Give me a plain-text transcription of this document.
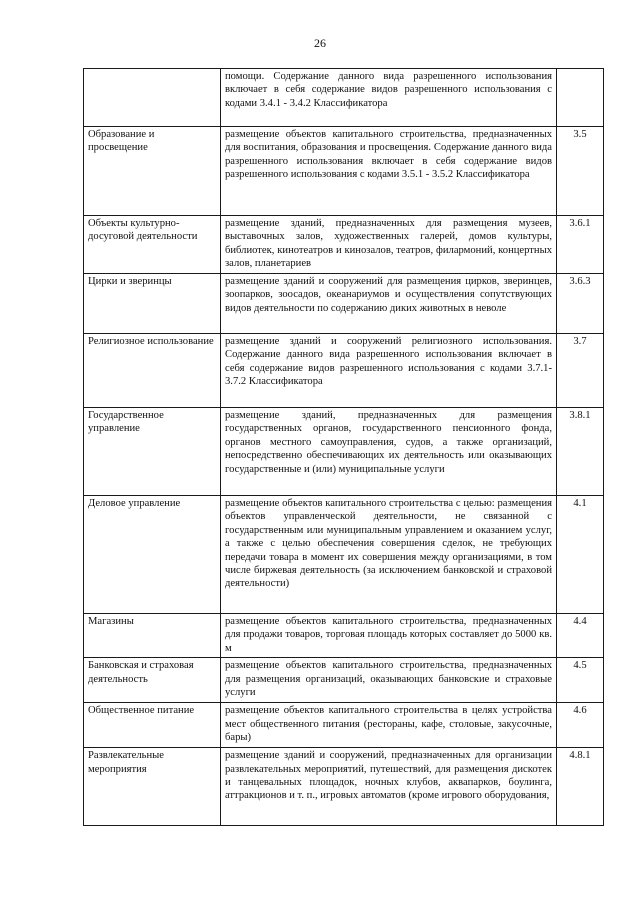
26
	помощи. Содержание данного вида разрешенного использования включает в себя содержание видов разрешенного использования с кодами 3.4.1 - 3.4.2 Классификатора	
Образование и просвещение	размещение объектов капитального строительства, предназначенных для воспитания, образования и просвещения. Содержание данного вида разрешенного использования включает в себя содержание видов разрешенного использования с кодами 3.5.1 - 3.5.2 Классификатора	3.5
Объекты культурно-досуговой деятельности	размещение зданий, предназначенных для размещения музеев, выставочных залов, художественных галерей, домов культуры, библиотек, кинотеатров и кинозалов, театров, филармоний, концертных залов, планетариев	3.6.1
Цирки и зверинцы	размещение зданий и сооружений для размещения цирков, зверинцев, зоопарков, зоосадов, океанариумов и осуществления сопутствующих видов деятельности по содержанию диких животных в неволе	3.6.3
Религиозное использование	размещение зданий и сооружений религиозного использования. Содержание данного вида разрешенного использования включает в себя содержание видов разрешенного использования с кодами 3.7.1-3.7.2 Классификатора	3.7
Государственное управление	размещение зданий, предназначенных для размещения государственных органов, государственного пенсионного фонда, органов местного самоуправления, судов, а также организаций, непосредственно обеспечивающих их деятельность или оказывающих государственные и (или) муниципальные услуги	3.8.1
Деловое управление	размещение объектов капитального строительства с целью: размещения объектов управленческой деятельности, не связанной с государственным или муниципальным управлением и оказанием услуг, а также с целью обеспечения совершения сделок, не требующих передачи товара в момент их совершения между организациями, в том числе биржевая деятельность (за исключением банковской и страховой деятельности)	4.1
Магазины	размещение объектов капитального строительства, предназначенных для продажи товаров, торговая площадь которых составляет до 5000 кв. м	4.4
Банковская и страховая деятельность	размещение объектов капитального строительства, предназначенных для размещения организаций, оказывающих банковские и страховые услуги	4.5
Общественное питание	размещение объектов капитального строительства в целях устройства мест общественного питания (рестораны, кафе, столовые, закусочные, бары)	4.6
Развлекательные мероприятия	размещение зданий и сооружений, предназначенных для организации развлекательных мероприятий, путешествий, для размещения дискотек и танцевальных площадок, ночных клубов, аквапарков, боулинга, аттракционов и т. п., игровых автоматов (кроме игрового оборудования,	4.8.1
